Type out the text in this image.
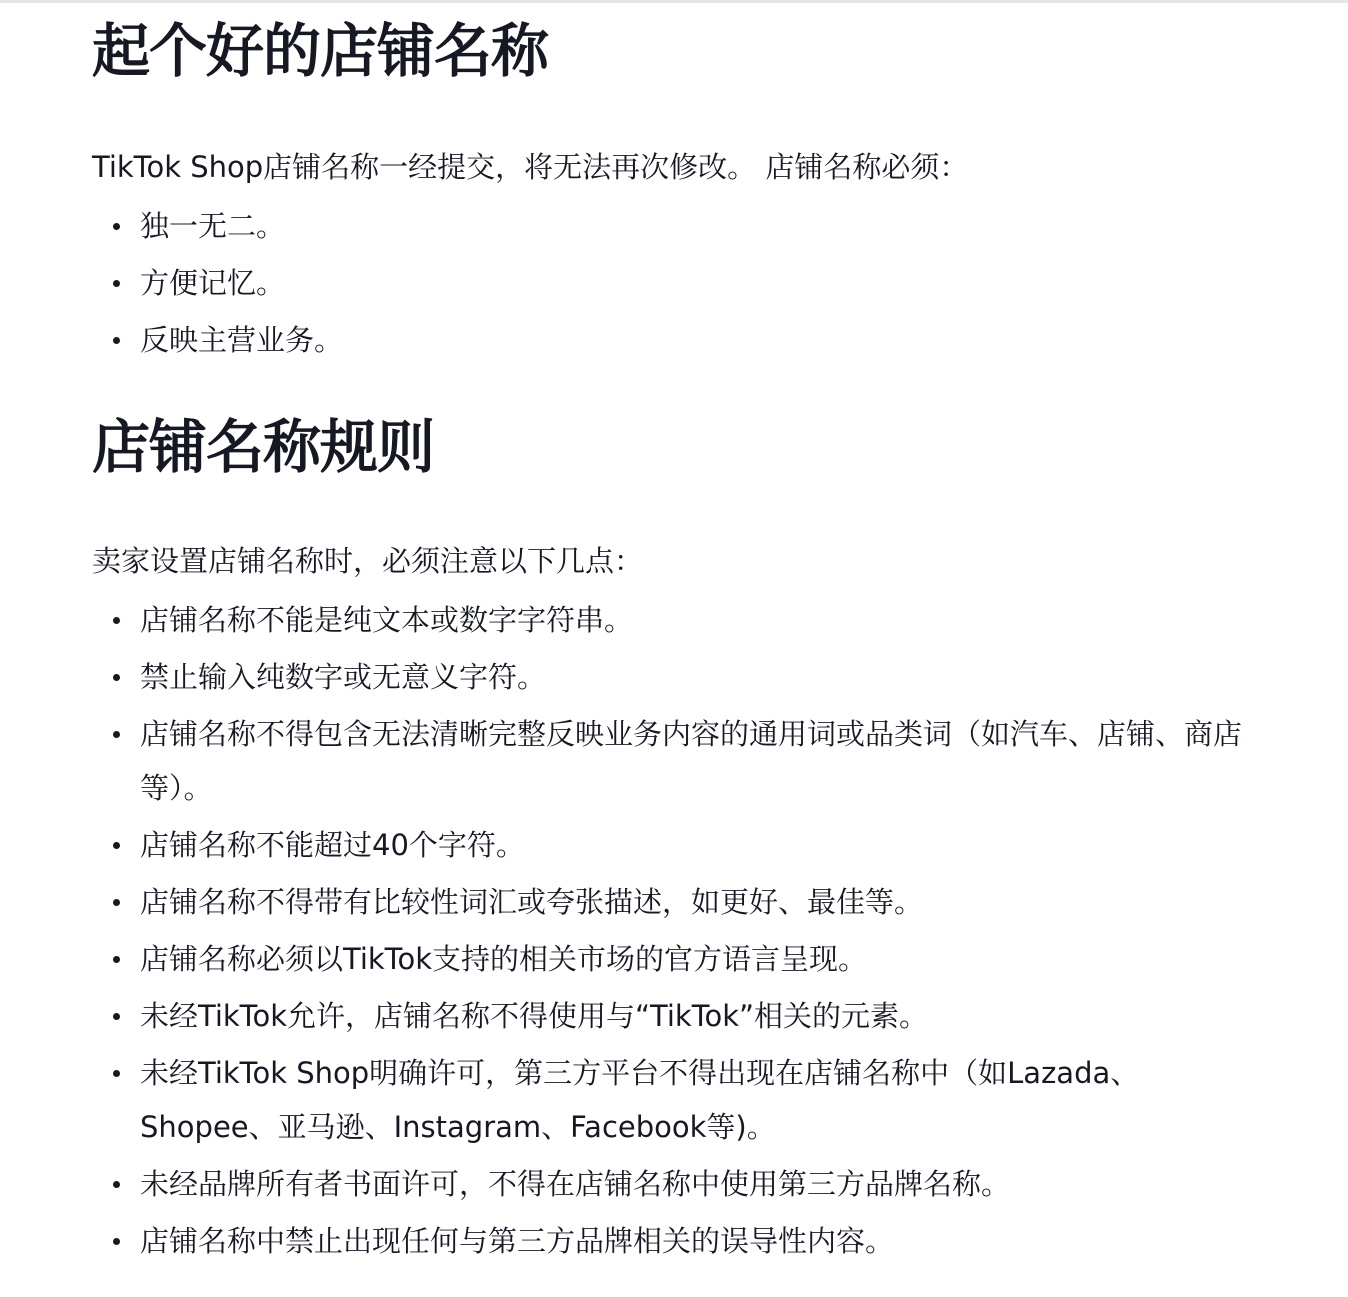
起个好的店铺名称

TikTok Shop店铺名称一经提交，将无法再次修改。 店铺名称必须：

独一无二。
方便记忆。
反映主营业务。
店铺名称规则

卖家设置店铺名称时，必须注意以下几点：

店铺名称不能是纯文本或数字字符串。
禁止输入纯数字或无意义字符。
店铺名称不得包含无法清晰完整反映业务内容的通用词或品类词（如汽车、店铺、商店等）。
店铺名称不能超过40个字符。
店铺名称不得带有比较性词汇或夸张描述，如更好、最佳等。
店铺名称必须以TikTok支持的相关市场的官方语言呈现。
未经TikTok允许，店铺名称不得使用与“TikTok”相关的元素。
未经TikTok Shop明确许可，第三方平台不得出现在店铺名称中（如Lazada、Shopee、亚马逊、Instagram、Facebook等)。
未经品牌所有者书面许可，不得在店铺名称中使用第三方品牌名称。
店铺名称中禁止出现任何与第三方品牌相关的误导性内容。
